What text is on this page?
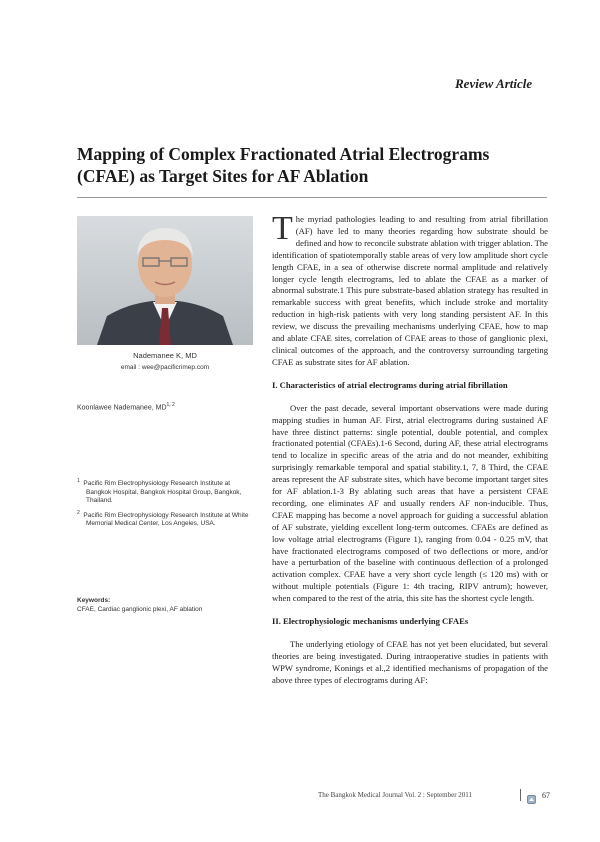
Review Article
Mapping of Complex Fractionated Atrial Electrograms (CFAE) as Target Sites for AF Ablation
Nademanee K, MD
email : wee@pacificrimep.com
Koonlawee Nademanee, MD$^{1, 2}$
$^1$ Pacific Rim Electrophysiology Research Institute at Bangkok Hospital, Bangkok Hospital Group, Bangkok, Thailand.
$^2$ Pacific Rim Electrophysiology Research Institute at White Memorial Medical Center, Los Angeles, USA.
Keywords:
CFAE, Cardiac ganglionic plexi, AF ablation

The myriad pathologies leading to and resulting from atrial fibrillation (AF) have led to many theories regarding how substrate should be defined and how to reconcile substrate ablation with trigger ablation. The identification of spatiotemporally stable areas of very low amplitude short cycle length CFAE, in a sea of otherwise discrete normal amplitude and relatively longer cycle length electrograms, led to ablate the CFAE as a marker of abnormal substrate.1 This pure substrate-based ablation strategy has resulted in remarkable success with great benefits, which include stroke and mortality reduction in high-risk patients with very long standing persistent AF. In this review, we discuss the prevailing mechanisms underlying CFAE, how to map and ablate CFAE sites, correlation of CFAE areas to those of ganglionic plexi, clinical outcomes of the approach, and the controversy surrounding targeting CFAE as substrate sites for AF ablation.

I. Characteristics of atrial electrograms during atrial fibrillation

Over the past decade, several important observations were made during mapping studies in human AF. First, atrial electrograms during sustained AF have three distinct patterns: single potential, double potential, and complex fractionated potential (CFAEs).1-6 Second, during AF, these atrial electrograms tend to localize in specific areas of the atria and do not meander, exhibiting surprisingly remarkable temporal and spatial stability.1, 7, 8 Third, the CFAE areas represent the AF substrate sites, which have become important target sites for AF ablation.1-3 By ablating such areas that have a persistent CFAE recording, one eliminates AF and usually renders AF non-inducible. Thus, CFAE mapping has become a novel approach for guiding a successful ablation of AF substrate, yielding excellent long-term outcomes. CFAEs are defined as low voltage atrial electrograms (Figure 1), ranging from 0.04 - 0.25 mV, that have fractionated electrograms composed of two deflections or more, and/or have a perturbation of the baseline with continuous deflection of a prolonged activation complex. CFAE have a very short cycle length (≤ 120 ms) with or without multiple potentials (Figure 1: 4th tracing, RIPV antrum); however, when compared to the rest of the atria, this site has the shortest cycle length.

II. Electrophysiologic mechanisms underlying CFAEs

The underlying etiology of CFAE has not yet been elucidated, but several theories are being investigated. During intraoperative studies in patients with WPW syndrome, Konings et al.,2 identified mechanisms of propagation of the above three types of electrograms during AF:

The Bangkok Medical Journal Vol. 2 : September 2011	67
